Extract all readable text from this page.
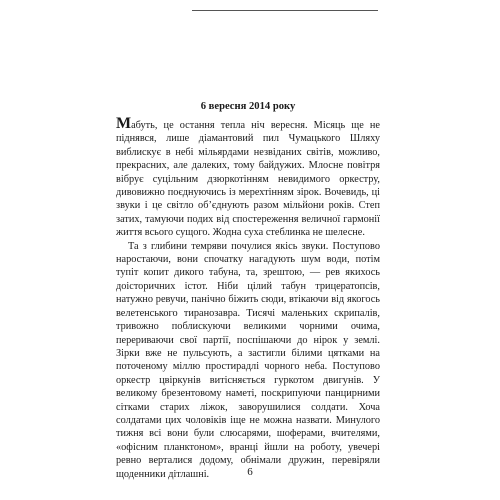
6 вересня 2014 року

Мабуть, це остання тепла ніч вересня. Місяць ще не піднявся, лише діамантовий пил Чумацького Шляху виблискує в небі мільярдами незвіданих світів, можливо, прекрасних, але далеких, тому байдужих. Млосне повітря вібрує суцільним дзюркотінням невидимого оркестру, дивовижно поєднуючись із мерехтінням зірок. Вочевидь, ці звуки і це світло об’єднують разом мільйони років. Степ затих, тамуючи подих від спостереження величної гармонії життя всього сущого. Жодна суха стеблинка не шелесне.

Та з глибини темряви почулися якісь звуки. Поступово наростаючи, вони спочатку нагадують шум води, потім тупіт копит дикого табуна, та, зрештою, — рев якихось доісторичних істот. Ніби цілий табун трицератопсів, натужно ревучи, панічно біжить сюди, втікаючи від якогось велетенського тиранозавра. Тисячі маленьких скрипалів, тривожно поблискуючи великими чорними очима, перериваючи свої партії, поспішаючи до нірок у землі. Зірки вже не пульсують, а застигли білими цятками на поточеному міллю простирадлі чорного неба. Поступово оркестр цвіркунів витісняється гуркотом двигунів. У великому брезентовому наметі, поскрипуючи панцирними сітками старих ліжок, заворушилися солдати. Хоча солдатами цих чоловіків іще не можна назвати. Минулого тижня всі вони були слюсарями, шоферами, вчителями, «офісним планктоном», вранці йшли на роботу, увечері ревно верталися додому, обнімали дружин, перевіряли щоденники дітлашні.	6
